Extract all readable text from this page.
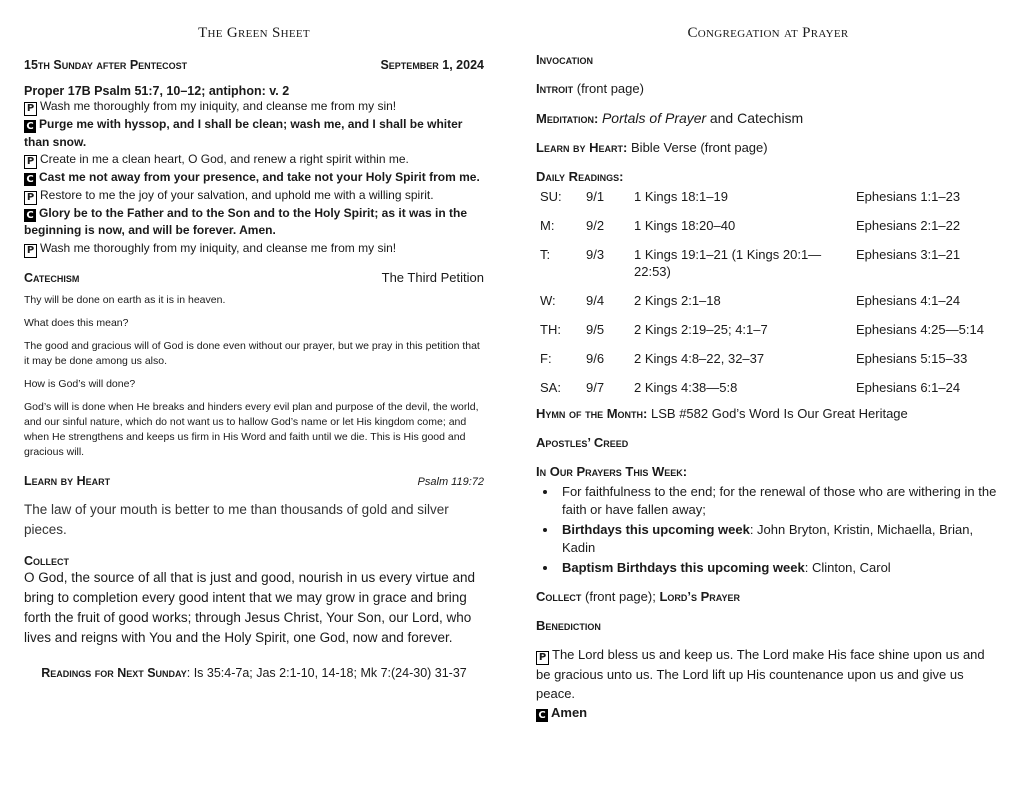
The Green Sheet
15th Sunday after Pentecost	September 1, 2024
Proper 17B Psalm 51:7, 10–12; antiphon: v. 2

P Wash me thoroughly from my iniquity, and cleanse me from my sin!

C Purge me with hyssop, and I shall be clean; wash me, and I shall be whiter than snow.

P Create in me a clean heart, O God, and renew a right spirit within me.

C Cast me not away from your presence, and take not your Holy Spirit from me.

P Restore to me the joy of your salvation, and uphold me with a willing spirit.

C Glory be to the Father and to the Son and to the Holy Spirit; as it was in the beginning is now, and will be forever. Amen.

P Wash me thoroughly from my iniquity, and cleanse me from my sin!

Catechism	The Third Petition

Thy will be done on earth as it is in heaven.

What does this mean?

The good and gracious will of God is done even without our prayer, but we pray in this petition that it may be done among us also.

How is God’s will done?

God’s will is done when He breaks and hinders every evil plan and purpose of the devil, the world, and our sinful nature, which do not want us to hallow God’s name or let His kingdom come; and when He strengthens and keeps us firm in His Word and faith until we die. This is His good and gracious will.

Learn by Heart	Psalm 119:72
The law of your mouth is better to me than thousands of gold and silver pieces.
Collect
O God, the source of all that is just and good, nourish in us every virtue and bring to completion every good intent that we may grow in grace and bring forth the fruit of good works; through Jesus Christ, Your Son, our Lord, who lives and reigns with You and the Holy Spirit, one God, now and forever.
Readings for Next Sunday: Is 35:4-7a; Jas 2:1-10, 14-18; Mk 7:(24-30) 31-37
Congregation at Prayer
Invocation
Introit (front page)
Meditation: Portals of Prayer and Catechism
Learn by Heart: Bible Verse (front page)
Daily Readings:
SU:	9/1	1 Kings 18:1–19	Ephesians 1:1–23
M:	9/2	1 Kings 18:20–40	Ephesians 2:1–22
T:	9/3	1 Kings 19:1–21 (1 Kings 20:1— 22:53)	Ephesians 3:1–21
W:	9/4	2 Kings 2:1–18	Ephesians 4:1–24
TH:	9/5	2 Kings 2:19–25; 4:1–7	Ephesians 4:25—5:14
F:	9/6	2 Kings 4:8–22, 32–37	Ephesians 5:15–33
SA:	9/7	2 Kings 4:38—5:8	Ephesians 6:1–24
Hymn of the Month: LSB #582 God’s Word Is Our Great Heritage
Apostles’ Creed
In Our Prayers This Week:
• For faithfulness to the end; for the renewal of those who are withering in the faith or have fallen away;
• Birthdays this upcoming week: John Bryton, Kristin, Michaella, Brian, Kadin
• Baptism Birthdays this upcoming week: Clinton, Carol
Collect (front page); Lord’s Prayer
Benediction
P The Lord bless us and keep us. The Lord make His face shine upon us and be gracious unto us. The Lord lift up His countenance upon us and give us peace.
C Amen
